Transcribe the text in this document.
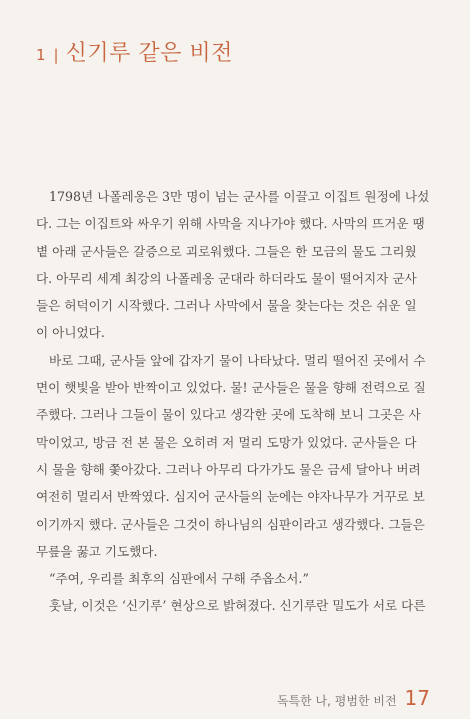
1 | 신기루 같은 비전
1798년 나폴레옹은 3만 명이 넘는 군사를 이끌고 이집트 원정에 나섰
다. 그는 이집트와 싸우기 위해 사막을 지나가야 했다. 사막의 뜨거운 땡
볕 아래 군사들은 갈증으로 괴로워했다. 그들은 한 모금의 물도 그리웠
다. 아무리 세계 최강의 나폴레옹 군대라 하더라도 물이 떨어지자 군사
들은 허덕이기 시작했다. 그러나 사막에서 물을 찾는다는 것은 쉬운 일
이 아니었다.
바로 그때, 군사들 앞에 갑자기 물이 나타났다. 멀리 떨어진 곳에서 수
면이 햇빛을 받아 반짝이고 있었다. 물! 군사들은 물을 향해 전력으로 질
주했다. 그러나 그들이 물이 있다고 생각한 곳에 도착해 보니 그곳은 사
막이었고, 방금 전 본 물은 오히려 저 멀리 도망가 있었다. 군사들은 다
시 물을 향해 쫓아갔다. 그러나 아무리 다가가도 물은 금세 달아나 버려
여전히 멀리서 반짝였다. 심지어 군사들의 눈에는 야자나무가 거꾸로 보
이기까지 했다. 군사들은 그것이 하나님의 심판이라고 생각했다. 그들은
무릎을 꿇고 기도했다.
“주여, 우리를 최후의 심판에서 구해 주옵소서.”
훗날, 이것은 ‘신기루’ 현상으로 밝혀졌다. 신기루란 밀도가 서로 다른
독특한 나, 평범한 비전 17
